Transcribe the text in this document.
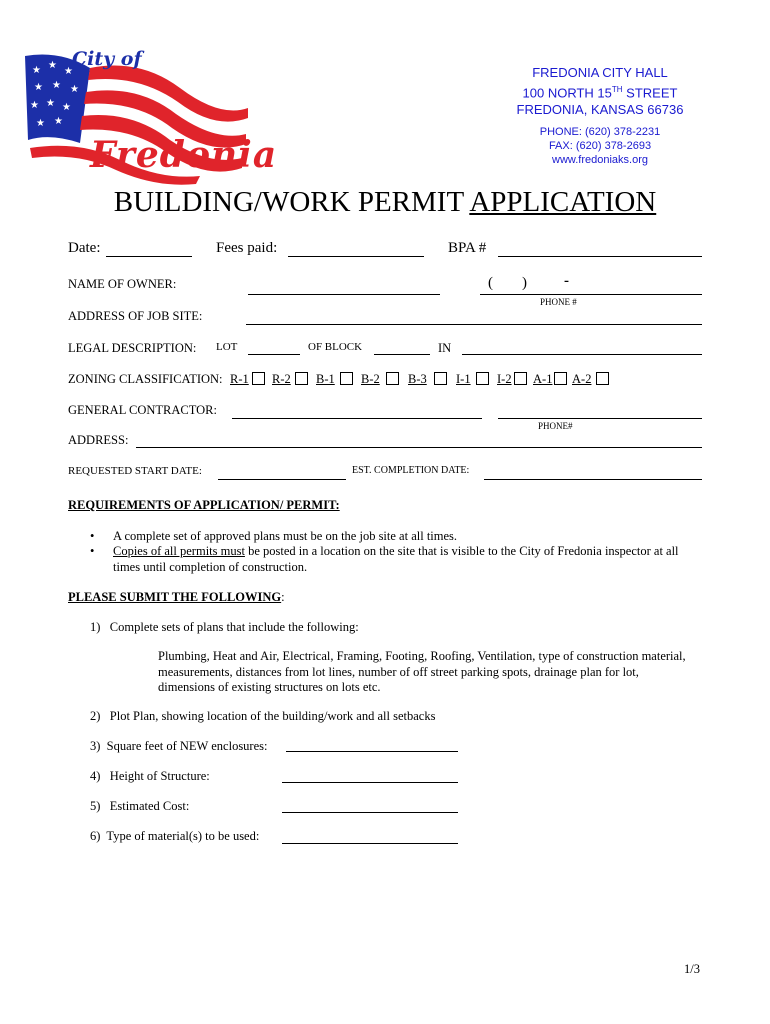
★ ★
★
★ ★ ★
★ ★ ★
★ ★
City of
Fredonia
FREDONIA CITY HALL
100 NORTH 15TH STREET
FREDONIA, KANSAS 66736
PHONE: (620) 378-2231
FAX: (620) 378-2693
www.fredoniaks.org
BUILDING/WORK PERMIT APPLICATION
Date:	Fees paid:	BPA #
NAME OF OWNER:	( ) -
PHONE #
ADDRESS OF JOB SITE:
LEGAL DESCRIPTION: LOT	OF BLOCK	IN
ZONING CLASSIFICATION: R-1 R-2 B-1 B-2 B-3 I-1 I-2 A-1 A-2
GENERAL CONTRACTOR:
PHONE#
ADDRESS:
REQUESTED START DATE:	EST. COMPLETION DATE:
REQUIREMENTS OF APPLICATION/ PERMIT:
• A complete set of approved plans must be on the job site at all times.
• Copies of all permits must be posted in a location on the site that is visible to the City of Fredonia inspector at all
times until completion of construction.
PLEASE SUBMIT THE FOLLOWING:
1)   Complete sets of plans that include the following:
Plumbing, Heat and Air, Electrical, Framing, Footing, Roofing, Ventilation, type of construction material,
measurements, distances from lot lines, number of off street parking spots, drainage plan for lot,
dimensions of existing structures on lots etc.
2)   Plot Plan, showing location of the building/work and all setbacks
3)  Square feet of NEW enclosures:
4)   Height of Structure:
5)   Estimated Cost:
6)  Type of material(s) to be used:
1/3
